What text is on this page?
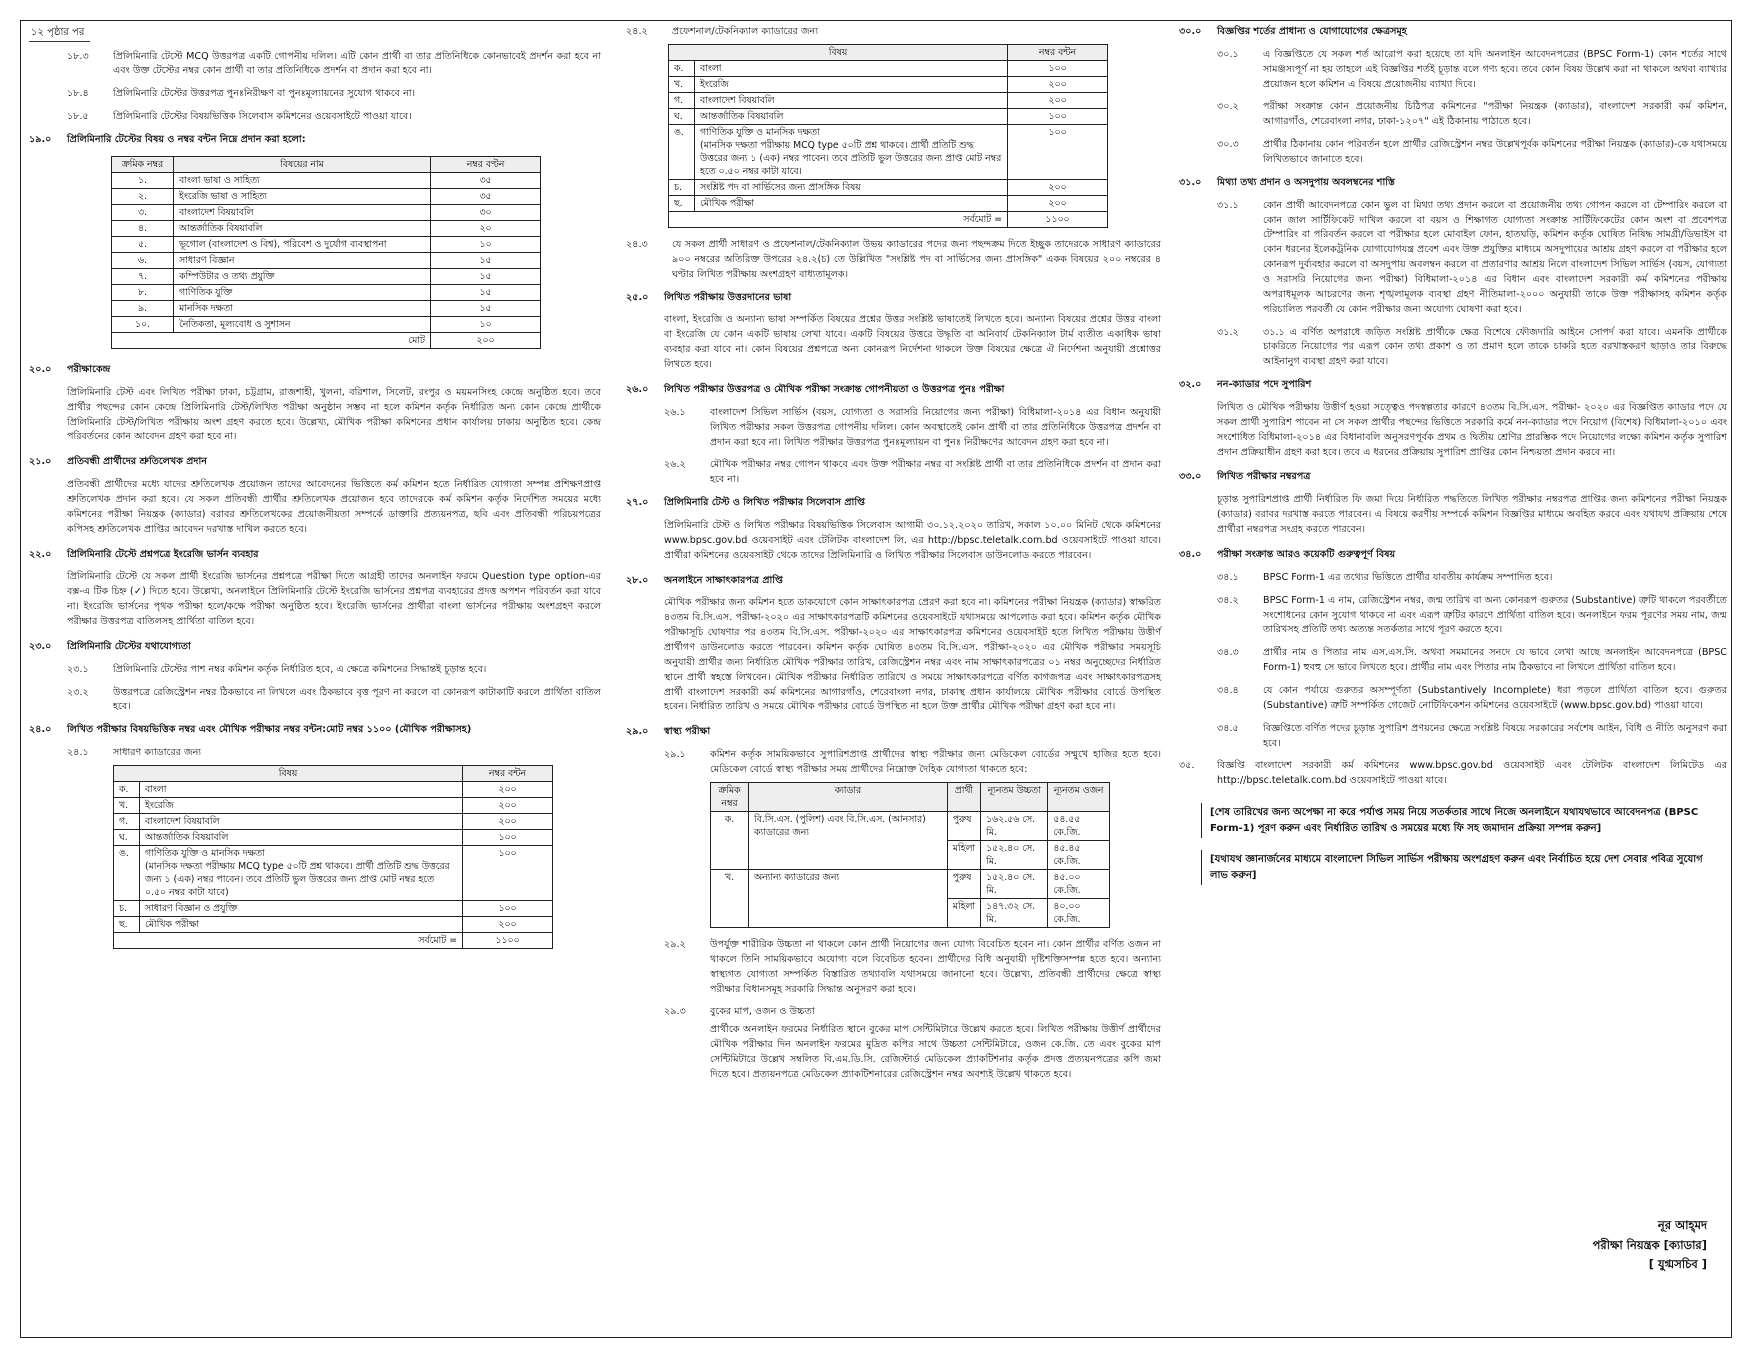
১২ পৃষ্ঠার পর
১৮.৩	প্রিলিমিনারি টেস্টে MCQ উত্তরপত্র একটি গোপনীয় দলিল। এটি কোন প্রার্থী বা তার প্রতিনিধিকে কোনভাবেই প্রদর্শন করা হবে না এবং উক্ত টেস্টের নম্বর কোন প্রার্থী বা তার প্রতিনিধিকে প্রদর্শন বা প্রদান করা হবে না।
১৮.৪	প্রিলিমিনারি টেস্টের উত্তরপত্র পুনঃনিরীক্ষণ বা পুনঃমূল্যায়নের সুযোগ থাকবে না।
১৮.৫	প্রিলিমিনারি টেস্টের বিষয়ভিত্তিক সিলেবাস কমিশনের ওয়েবসাইটে পাওয়া যাবে।
১৯.০	প্রিলিমিনারি টেস্টের বিষয় ও নম্বর বন্টন নিম্নে প্রদান করা হলো:
ক্রমিক নম্বর	বিষয়ের নাম	নম্বর বণ্টন
১.	বাংলা ভাষা ও সাহিত্য	৩৫
২.	ইংরেজি ভাষা ও সাহিত্য	৩৫
৩.	বাংলাদেশ বিষয়াবলি	৩০
৪.	আন্তর্জাতিক বিষয়াবলি	২০
৫.	ভূগোল (বাংলাদেশ ও বিশ্ব), পরিবেশ ও দুর্যোগ ব্যবস্থাপনা	১০
৬.	সাধারণ বিজ্ঞান	১৫
৭.	কম্পিউটার ও তথ্য প্রযুক্তি	১৫
৮.	গাণিতিক যুক্তি	১৫
৯.	মানসিক দক্ষতা	১৫
১০.	নৈতিকতা, মূল্যবোধ ও সুশাসন	১০
মোট		২০০
২০.০	পরীক্ষাকেন্দ্র
প্রিলিমিনারি টেস্ট এবং লিখিত পরীক্ষা ঢাকা, চট্টগ্রাম, রাজশাহী, খুলনা, বরিশাল, সিলেট, রংপুর ও ময়মনসিংহ কেন্দ্রে অনুষ্ঠিত হবে। তবে প্রার্থীর পছন্দের কোন কেন্দ্রে প্রিলিমিনারি টেস্ট/লিখিত পরীক্ষা অনুষ্ঠান সম্ভব না হলে কমিশন কর্তৃক নির্ধারিত অন্য কোন কেন্দ্রে প্রার্থীকে প্রিলিমিনারি টেস্ট/লিখিত পরীক্ষায় অংশ গ্রহণ করতে হবে। উল্লেখ্য, মৌখিক পরীক্ষা কমিশনের প্রধান কার্যালয় ঢাকায় অনুষ্ঠিত হবে। কেন্দ্র পরিবর্তনের কোন আবেদন গ্রহণ করা হবে না।
২১.০	প্রতিবন্ধী প্রার্থীদের শ্রুতিলেখক প্রদান
প্রতিবন্ধী প্রার্থীদের মধ্যে যাদের শ্রুতিলেখক প্রয়োজন তাদের আবেদনের ভিত্তিতে কর্ম কমিশন হতে নির্ধারিত যোগ্যতা সম্পন্ন প্রশিক্ষণপ্রাপ্ত শ্রুতিলেখক প্রদান করা হবে। যে সকল প্রতিবন্ধী প্রার্থীর শ্রুতিলেখক প্রয়োজন হবে তাদেরকে কর্ম কমিশন কর্তৃক নির্দেশিত সময়ের মধ্যে কমিশনের পরীক্ষা নিয়ন্ত্রক (ক্যাডার) বরাবর শ্রুতিলেখকের প্রয়োজনীয়তা সম্পর্কে ডাক্তারি প্রত্যয়নপত্র, ছবি এবং প্রতিবন্ধী পরিচয়পত্রের কপিসহ শ্রুতিলেখক প্রাপ্তির আবেদন দরখাস্ত দাখিল করতে হবে।
২২.০	প্রিলিমিনারি টেস্টে প্রশ্নপত্রে ইংরেজি ভার্সন ব্যবহার
প্রিলিমিনারি টেস্টে যে সকল প্রার্থী ইংরেজি ভার্সনের প্রশ্নপত্রে পরীক্ষা দিতে আগ্রহী তাদের অনলাইন ফরমে Question type option-এর বক্স-এ টিক চিহ্ন (✓) দিতে হবে। উল্লেখ্য, অনলাইনে প্রিলিমিনারি টেস্টে ইংরেজি ভার্সনের প্রশ্নপত্র ব্যবহারের প্রদত্ত অপশন পরিবর্তন করা যাবে না। ইংরেজি ভার্সনের পৃথক পরীক্ষা হলে/কক্ষে পরীক্ষা অনুষ্ঠিত হবে। ইংরেজি ভার্সনের প্রার্থীরা বাংলা ভার্সনের পরীক্ষায় অংশগ্রহণ করলে পরীক্ষার উত্তরপত্র বাতিলসহ প্রার্থিতা বাতিল হবে।
২৩.০	প্রিলিমিনারি টেস্টের যথাযোগ্যতা
২৩.১	প্রিলিমিনারি টেস্টের পাশ নম্বর কমিশন কর্তৃক নির্ধারিত হবে, এ ক্ষেত্রে কমিশনের সিদ্ধান্তই চূড়ান্ত হবে।
২৩.২	উত্তরপত্রে রেজিস্ট্রেশন নম্বর ঠিকভাবে না লিখলে এবং ঠিকভাবে বৃত্ত পূরণ না করলে বা কোনরূপ কাটাকাটি করলে প্রার্থিতা বাতিল হবে।
২৪.০	লিখিত পরীক্ষার বিষয়ভিত্তিক নম্বর এবং মৌখিক পরীক্ষার নম্বর বন্টন:মোট নম্বর ১১০০ (মৌখিক পরীক্ষাসহ)
২৪.১	সাধারণ ক্যাডারের জন্য
বিষয়		নম্বর বন্টন
ক.	বাংলা	২০০
খ.	ইংরেজি	২০০
গ.	বাংলাদেশ বিষয়াবলি	২০০
ঘ.	আন্তর্জাতিক বিষয়াবলি	১০০
ঙ.	গাণিতিক যুক্তি ও মানসিক দক্ষতা
(মানসিক দক্ষতা পরীক্ষায় MCQ type ৫০টি প্রশ্ন থাকবে। প্রার্থী প্রতিটি শুদ্ধ উত্তরের জন্য ১ (এক) নম্বর পাবেন। তবে প্রতিটি ভুল উত্তরের জন্য প্রাপ্ত মোট নম্বর হতে ০.৫০ নম্বর কাটা যাবে)	১০০
চ.	সাধারণ বিজ্ঞান ও প্রযুক্তি	১০০
ছ.	মৌখিক পরীক্ষা	২০০
সর্বমোট =		১১০০
২৪.২	প্রফেশনাল/টেকনিক্যাল ক্যাডারের জন্য
বিষয়		নম্বর বন্টন
ক.	বাংলা	১০০
খ.	ইংরেজি	২০০
গ.	বাংলাদেশ বিষয়াবলি	২০০
ঘ.	আন্তর্জাতিক বিষয়াবলি	১০০
ঙ.	গাণিতিক যুক্তি ও মানসিক দক্ষতা
(মানসিক দক্ষতা পরীক্ষায় MCQ type ৫০টি প্রশ্ন থাকবে। প্রার্থী প্রতিটি শুদ্ধ উত্তরের জন্য ১ (এক) নম্বর পাবেন। তবে প্রতিটি ভুল উত্তরের জন্য প্রাপ্ত মোট নম্বর হতে ০.৫০ নম্বর কাটা যাবে।	১০০
চ.	সংশ্লিষ্ট পদ বা সার্ভিসের জন্য প্রাসঙ্গিক বিষয়	২০০
ছ.	মৌখিক পরীক্ষা	২০০
সর্বমোট =		১১০০
২৪.৩	যে সকল প্রার্থী সাধারণ ও প্রফেশনাল/টেকনিক্যাল উভয় ক্যাডারের পদের জন্য পছন্দক্রম দিতে ইচ্ছুক তাদেরকে সাধারণ ক্যাডারের ৯০০ নম্বরের অতিরিক্ত উপরের ২৪.২(চ) তে উল্লিখিত "সংশ্লিষ্ট পদ বা সার্ভিসের জন্য প্রাসঙ্গিক" একক বিষয়ের ২০০ নম্বরের ৪ ঘণ্টার লিখিত পরীক্ষায় অংশগ্রহণ বাধ্যতামূলক।
২৫.০	লিখিত পরীক্ষায় উত্তরদানের ভাষা
বাংলা, ইংরেজি ও অন্যান্য ভাষা সম্পর্কিত বিষয়ের প্রশ্নের উত্তর সংশ্লিষ্ট ভাষাতেই লিখতে হবে। অন্যান্য বিষয়ের প্রশ্নের উত্তর বাংলা বা ইংরেজি যে কোন একটি ভাষায় লেখা যাবে। একটি বিষয়ের উত্তরে উদ্ধৃতি বা অনিবার্য টেকনিক্যাল টার্ম ব্যতীত একাধিক ভাষা ব্যবহার করা যাবে না। কোন বিষয়ের প্রশ্নপত্রে অন্য কোনরূপ নির্দেশনা থাকলে উক্ত বিষয়ের ক্ষেত্রে ঐ নির্দেশনা অনুযায়ী প্রশ্নোত্তর লিখতে হবে।
২৬.০	লিখিত পরীক্ষার উত্তরপত্র ও মৌখিক পরীক্ষা সংক্রান্ত গোপনীয়তা ও উত্তরপত্র পুনঃ পরীক্ষা
২৬.১	বাংলাদেশ সিভিল সার্ভিস (বয়স, যোগ্যতা ও সরাসরি নিয়োগের জন্য পরীক্ষা) বিধিমালা-২০১৪ এর বিধান অনুযায়ী লিখিত পরীক্ষার সকল উত্তরপত্র গোপনীয় দলিল। কোন অবস্থাতেই কোন প্রার্থী বা তার প্রতিনিধিকে উত্তরপত্র প্রদর্শন বা প্রদান করা হবে না। লিখিত পরীক্ষার উত্তরপত্র পুনঃমূল্যায়ন বা পুনঃ নিরীক্ষণের আবেদন গ্রহণ করা হবে না।
২৬.২	মৌখিক পরীক্ষার নম্বর গোপন থাকবে এবং উক্ত পরীক্ষার নম্বর বা সংশ্লিষ্ট প্রার্থী বা তার প্রতিনিধিকে প্রদর্শন বা প্রদান করা হবে না।
২৭.০	প্রিলিমিনারি টেস্ট ও লিখিত পরীক্ষার সিলেবাস প্রাপ্তি
প্রিলিমিনারি টেস্ট ও লিখিত পরীক্ষার বিষয়ভিত্তিক সিলেবাস আগামী ৩০.১২.২০২০ তারিখ, সকাল ১০.০০ মিনিট থেকে কমিশনের www.bpsc.gov.bd ওয়েবসাইট এবং টেলিটক বাংলাদেশ লি. এর http://bpsc.teletalk.com.bd ওয়েবসাইটে পাওয়া যাবে। প্রার্থীরা কমিশনের ওয়েবসাইট থেকে তাদের প্রিলিমিনারি ও লিখিত পরীক্ষার সিলেবাস ডাউনলোড করতে পারবেন।
২৮.০	অনলাইনে সাক্ষাৎকারপত্র প্রাপ্তি
মৌখিক পরীক্ষার জন্য কমিশন হতে ডাকযোগে কোন সাক্ষাৎকারপত্র প্রেরণ করা হবে না। কমিশনের পরীক্ষা নিয়ন্ত্রক (ক্যাডার) স্বাক্ষরিত ৪৩তম বি.সি.এস. পরীক্ষা-২০২০ এর সাক্ষাৎকারপত্রটি কমিশনের ওয়েবসাইটে যথাসময়ে আপলোড করা হবে। কমিশন কর্তৃক মৌখিক পরীক্ষাসূচি ঘোষণার পর ৪৩তম বি.সি.এস. পরীক্ষা-২০২০ এর সাক্ষাৎকারপত্র কমিশনের ওয়েবসাইট হতে লিখিত পরীক্ষায় উত্তীর্ণ প্রার্থীগণ ডাউনলোড করতে পারবেন। কমিশন কর্তৃক ঘোষিত ৪৩তম বি.সি.এস. পরীক্ষা-২০২০ এর মৌখিক পরীক্ষার সময়সূচি অনুযায়ী প্রার্থীর জন্য নির্ধারিত মৌখিক পরীক্ষার তারিখ, রেজিস্ট্রেশন নম্বর এবং নাম সাক্ষাৎকারপত্রের ০১ নম্বর অনুচ্ছেদের নির্ধারিত স্থানে প্রার্থী স্বহস্তে লিখবেন। মৌখিক পরীক্ষার নির্ধারিত তারিখে ও সময়ে সাক্ষাৎকারপত্রে বর্ণিত কাগজপত্র এবং সাক্ষাৎকারপত্রসহ প্রার্থী বাংলাদেশ সরকারী কর্ম কমিশনের আগারগাঁও, শেরেবাংলা নগর, ঢাকাস্থ প্রধান কার্যালয়ে মৌখিক পরীক্ষার বোর্ডে উপস্থিত হবেন। নির্ধারিত তারিখ ও সময়ে মৌখিক পরীক্ষার বোর্ডে উপস্থিত না হলে উক্ত প্রার্থীর মৌখিক পরীক্ষা গ্রহণ করা হবে না।
২৯.০	স্বাস্থ্য পরীক্ষা
২৯.১	কমিশন কর্তৃক সাময়িকভাবে সুপারিশপ্রাপ্ত প্রার্থীদের স্বাস্থ্য পরীক্ষার জন্য মেডিকেল বোর্ডের সম্মুখে হাজির হতে হবে। মেডিকেল বোর্ডে স্বাস্থ্য পরীক্ষার সময় প্রার্থীদের নিম্নোক্ত দৈহিক যোগ্যতা থাকতে হবে:
ক্রমিক নম্বর	ক্যাডার	প্রার্থী	ন্যূনতম উচ্চতা	ন্যূনতম ওজন
ক.	বি.সি.এস. (পুলিশ) এবং বি.সি.এস. (আনসার) ক্যাডারের জন্য	পুরুষ	১৬২.৫৬ সে. মি.	৫৪.৫৫ কে.জি.
		মহিলা	১৫২.৪০ সে. মি.	৪৫.৪৫ কে.জি.
খ.	অন্যান্য ক্যাডারের জন্য	পুরুষ	১৫২.৪০ সে. মি.	৪৫.০০ কে.জি.
		মহিলা	১৪৭.৩২ সে. মি.	৪০.০০ কে.জি.
২৯.২	উপর্যুক্ত শারীরিক উচ্চতা না থাকলে কোন প্রার্থী নিয়োগের জন্য যোগ্য বিবেচিত হবেন না। কোন প্রার্থীর বর্ণিত ওজন না থাকলে তিনি সাময়িকভাবে অযোগ্য বলে বিবেচিত হবেন। প্রার্থীদের বিধি অনুযায়ী দৃষ্টিশক্তিসম্পন্ন হতে হবে। অন্যান্য স্বাস্থ্যগত যোগ্যতা সম্পর্কিত বিস্তারিত তথ্যাবলি যথাসময়ে জানানো হবে। উল্লেখ্য, প্রতিবন্ধী প্রার্থীদের ক্ষেত্রে স্বাস্থ্য পরীক্ষার বিধানসমূহ সরকারি সিদ্ধান্ত অনুসরণ করা হবে।
২৯.৩	বুকের মাপ, ওজন ও উচ্চতা
প্রার্থীকে অনলাইন ফরমের নির্ধারিত স্থানে বুকের মাপ সেন্টিমিটারে উল্লেখ করতে হবে। লিখিত পরীক্ষায় উত্তীর্ণ প্রার্থীদের মৌখিক পরীক্ষার দিন অনলাইন ফরমের মুদ্রিত কপির সাথে উচ্চতা সেন্টিমিটারে, ওজন কে.জি. তে এবং বুকের মাপ সেন্টিমিটারে উল্লেখ সম্বলিত বি.এম.ডি.সি. রেজিস্টার্ড মেডিকেল প্র্যাকটিশনার কর্তৃক প্রদত্ত প্রত্যয়নপত্রের কপি জমা দিতে হবে। প্রত্যয়নপত্রে মেডিকেল প্র্যাকটিশনারের রেজিস্ট্রেশন নম্বর অবশ্যই উল্লেখ থাকতে হবে।
৩০.০	বিজ্ঞপ্তির শর্তের প্রাধান্য ও যোগাযোগের ক্ষেত্রসমূহ
৩০.১	এ বিজ্ঞপ্তিতে যে সকল শর্ত আরোপ করা হয়েছে তা যদি অনলাইন আবেদনপত্রের (BPSC Form-1) কোন শর্তের সাথে সামঞ্জস্যপূর্ণ না হয় তাহলে এই বিজ্ঞপ্তির শর্তই চূড়ান্ত বলে গণ্য হবে। তবে কোন বিষয় উল্লেখ করা না থাকলে অথবা ব্যাখ্যার প্রয়োজন হলে কমিশন এ বিষয়ে প্রয়োজনীয় ব্যাখ্যা দিবে।
৩০.২	পরীক্ষা সংক্রান্ত কোন প্রয়োজনীয় চিঠিপত্র কমিশনের "পরীক্ষা নিয়ন্ত্রক (ক্যাডার), বাংলাদেশ সরকারী কর্ম কমিশন, আগারগাঁও, শেরেবাংলা নগর, ঢাকা-১২০৭" এই ঠিকানায় পাঠাতে হবে।
৩০.৩	প্রার্থীর ঠিকানায় কোন পরিবর্তন হলে প্রার্থীর রেজিস্ট্রেশন নম্বর উল্লেখপূর্বক কমিশনের পরীক্ষা নিয়ন্ত্রক (ক্যাডার)-কে যথাসময়ে লিখিতভাবে জানাতে হবে।
৩১.০	মিথ্যা তথ্য প্রদান ও অসদুপায় অবলম্বনের শাস্তি
৩১.১	কোন প্রার্থী আবেদনপত্রে কোন ভুল বা মিথ্যা তথ্য প্রদান করলে বা প্রয়োজনীয় তথ্য গোপন করলে বা টেম্পারিং করলে বা কোন জাল সার্টিফিকেট দাখিল করলে বা বয়স ও শিক্ষাগত যোগ্যতা সংক্রান্ত সার্টিফিকেটের কোন অংশ বা প্রবেশপত্র টেম্পারিং বা পরিবর্তন করলে বা পরীক্ষার হলে মোবাইল ফোন, হাতঘড়ি, কমিশন কর্তৃক ঘোষিত নিষিদ্ধ সামগ্রী/ডিভাইস বা কোন ধরনের ইলেকট্রনিক যোগাযোগযন্ত্র প্রবেশ এবং উক্ত প্রযুক্তির মাধ্যমে অসদুপায়ের আশ্রয় গ্রহণ করলে বা পরীক্ষার হলে কোনরূপ দুর্ব্যবহার করলে বা অসদুপায় অবলম্বন করলে বা প্রতারণার আশ্রয় নিলে বাংলাদেশ সিভিল সার্ভিস (বয়স, যোগ্যতা ও সরাসরি নিয়োগের জন্য পরীক্ষা) বিধিমালা-২০১৪ এর বিধান এবং বাংলাদেশ সরকারী কর্ম কমিশনের পরীক্ষায় অপরাধমূলক আচরণের জন্য শৃঙ্খলামূলক ব্যবস্থা গ্রহণ নীতিমালা-২০০০ অনুযায়ী তাকে উক্ত পরীক্ষাসহ কমিশন কর্তৃক পরিচালিত পরবর্তী যে কোন পরীক্ষার জন্য অযোগ্য ঘোষণা করা হবে।
৩১.২	৩১.১ এ বর্ণিত অপরাধে জড়িত সংশ্লিষ্ট প্রার্থীকে ক্ষেত্র বিশেষে ফৌজদারি আইনে সোপর্দ করা যাবে। এমনকি প্রার্থীকে চাকরিতে নিয়োগের পর এরূপ কোন তথ্য প্রকাশ ও তা প্রমাণ হলে তাকে চাকরি হতে বরখাস্তকরণ ছাড়াও তার বিরুদ্ধে আইনানুগ ব্যবস্থা গ্রহণ করা যাবে।
৩২.০	নন-ক্যাডার পদে সুপারিশ
লিখিত ও মৌখিক পরীক্ষায় উত্তীর্ণ হওয়া সত্ত্বেও পদস্বল্পতার কারণে ৪৩তম বি.সি.এস. পরীক্ষা- ২০২০ এর বিজ্ঞপ্তিত ক্যাডার পদে যে সকল প্রার্থী সুপারিশ পাবেন না সে সকল প্রার্থীর পছন্দের ভিত্তিতে সরকারি কর্মে নন-ক্যাডার পদে নিয়োগ (বিশেষ) বিধিমালা-২০১০ এবং সংশোধিত বিধিমালা-২০১৪ এর বিধানাবলি অনুসরণপূর্বক প্রথম ও দ্বিতীয় শ্রেণির প্রারম্ভিক পদে নিয়োগের লক্ষ্যে কমিশন কর্তৃক সুপারিশ প্রদান প্রক্রিয়াধীন গ্রহণ করা হবে। তবে এ ধরনের প্রক্রিয়ায় সুপারিশ প্রাপ্তির কোন নিশ্চয়তা প্রদান করবে না।
৩৩.০	লিখিত পরীক্ষার নম্বরপত্র
চূড়ান্ত সুপারিশপ্রাপ্ত প্রার্থী নির্ধারিত ফি জমা দিয়ে নির্ধারিত পদ্ধতিতে লিখিত পরীক্ষার নম্বরপত্র প্রাপ্তির জন্য কমিশনের পরীক্ষা নিয়ন্ত্রক (ক্যাডার) বরাবর দরখাস্ত করতে পারবেন। এ বিষয়ে করণীয় সম্পর্কে কমিশন বিজ্ঞপ্তির মাধ্যমে অবহিত করবে এবং যথাযথ প্রক্রিয়ায় শেষে প্রার্থীরা নম্বরপত্র সংগ্রহ করতে পারবেন।
৩৪.০	পরীক্ষা সংক্রান্ত আরও কয়েকটি গুরুত্বপূর্ণ বিষয়
৩৪.১	BPSC Form-1 এর তথ্যের ভিত্তিতে প্রার্থীর যাবতীয় কার্যক্রম সম্পাদিত হবে।
৩৪.২	BPSC Form-1 এ নাম, রেজিস্ট্রেশন নম্বর, জন্ম তারিখ বা অন্য কোনরূপ গুরুতর (Substantive) ত্রুটি থাকলে পরবর্তীতে সংশোধনের কোন সুযোগ থাকবে না এবং এরূপ ত্রুটির কারণে প্রার্থিতা বাতিল হবে। অনলাইনে ফরম পূরণের সময় নাম, জন্ম তারিখসহ প্রতিটি তথ্য অত্যন্ত সতর্কতার সাথে পূরণ করতে হবে।
৩৪.৩	প্রার্থীর নাম ও পিতার নাম এস.এস.সি. অথবা সমমানের সনদে যে ভাবে লেখা আছে অনলাইন আবেদনপত্রে (BPSC Form-1) হুবহু সে ভাবে লিখতে হবে। প্রার্থীর নাম এবং পিতার নাম ঠিকভাবে না লিখলে প্রার্থিতা বাতিল হবে।
৩৪.৪	যে কোন পর্যায়ে গুরুতর অসম্পূর্ণতা (Substantively Incomplete) ধরা পড়লে প্রার্থিতা বাতিল হবে। গুরুতর (Substantive) ত্রুটি সম্পর্কিত গেজেট নোটিফিকেশন কমিশনের ওয়েবসাইটে (www.bpsc.gov.bd) পাওয়া যাবে।
৩৪.৫	বিজ্ঞপ্তিতে বর্ণিত পদের চূড়ান্ত সুপারিশ প্রণয়নের ক্ষেত্রে সংশ্লিষ্ট বিষয়ে সরকারের সর্বশেষ আইন, বিধি ও নীতি অনুসরণ করা হবে।
৩৫.	বিজ্ঞপ্তি বাংলাদেশ সরকারী কর্ম কমিশনের www.bpsc.gov.bd ওয়েবসাইট এবং টেলিটক বাংলাদেশ লিমিটেড এর http://bpsc.teletalk.com.bd ওয়েবসাইটে পাওয়া যাবে।
[শেষ তারিখের জন্য অপেক্ষা না করে পর্যাপ্ত সময় নিয়ে সতর্কতার সাথে নিজে অনলাইনে যথাযথভাবে আবেদনপত্র (BPSC Form-1) পূরণ করুন এবং নির্ধারিত তারিখ ও সময়ের মধ্যে ফি সহ জমাদান প্রক্রিয়া সম্পন্ন করুন]
[যথাযথ জ্ঞানার্জনের মাধ্যমে বাংলাদেশ সিভিল সার্ভিস পরীক্ষায় অংশগ্রহণ করুন এবং নির্বাচিত হয়ে দেশ সেবার পবিত্র সুযোগ লাভ করুন]
নূর আহ্‌মদ
পরীক্ষা নিয়ন্ত্রক [ক্যাডার]
[ যুগ্মসচিব ]
